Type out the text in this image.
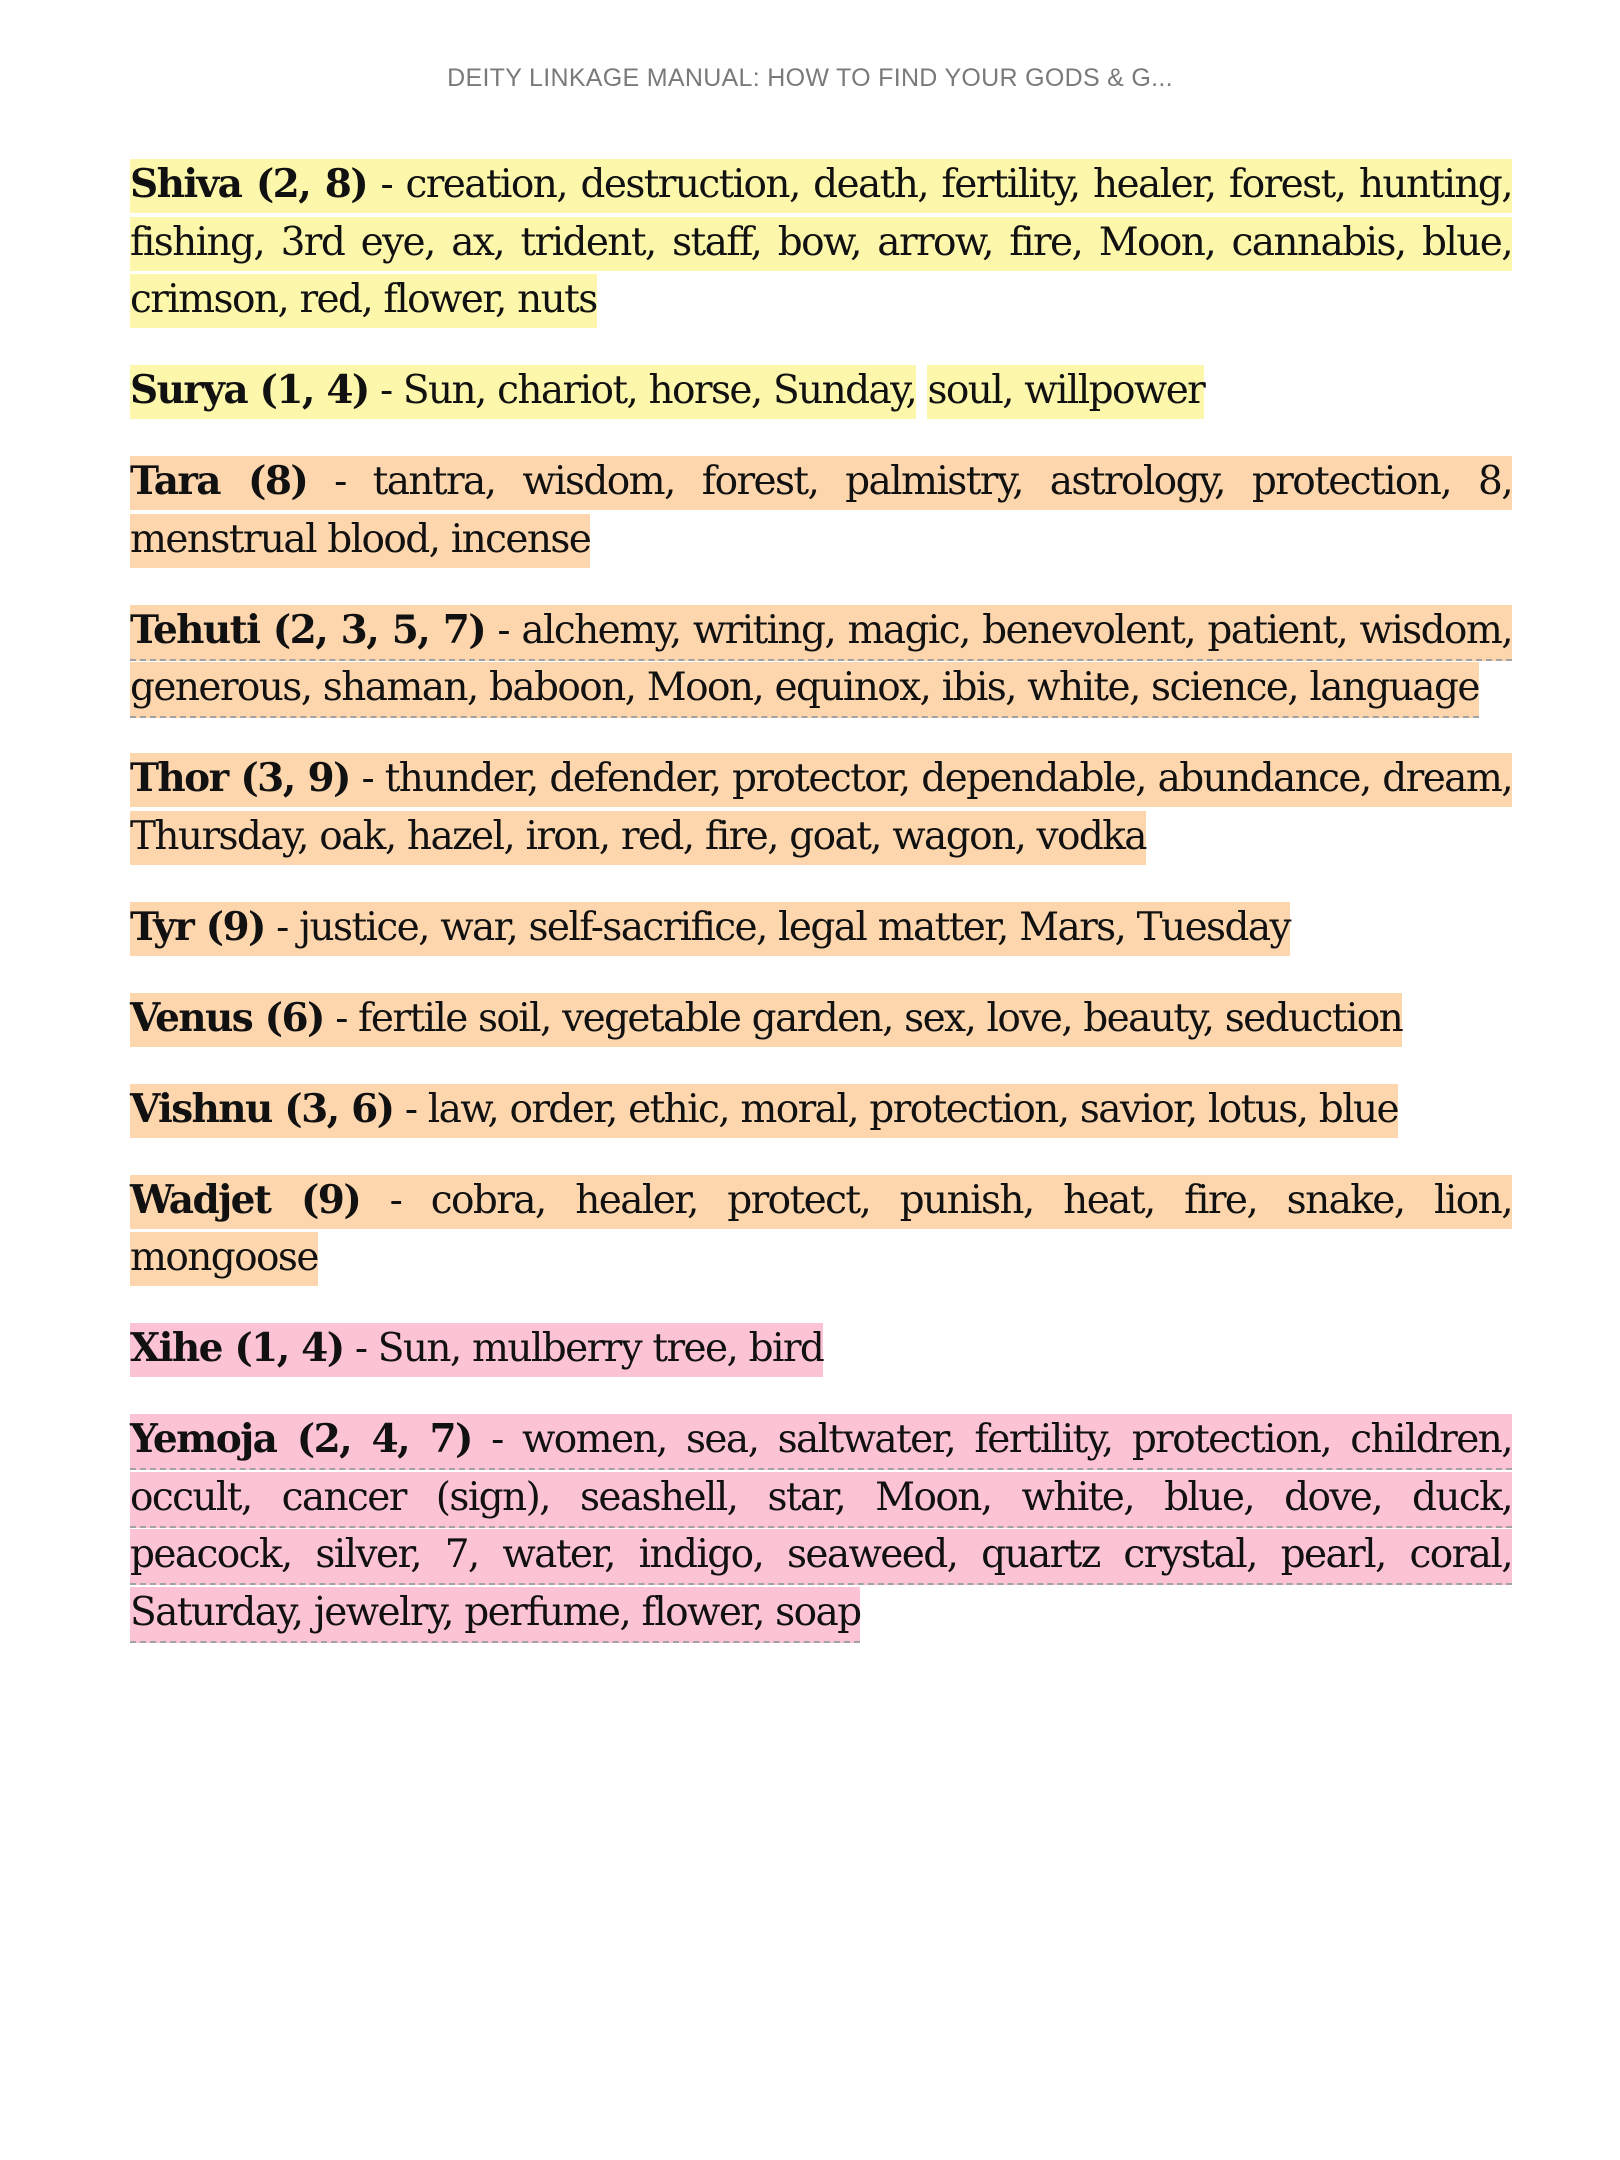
DEITY LINKAGE MANUAL: HOW TO FIND YOUR GODS & G...

Shiva (2, 8) - creation, destruction, death, fertility, healer, forest, hunting, fishing, 3rd eye, ax, trident, staff, bow, arrow, fire, Moon, cannabis, blue, crimson, red, flower, nuts

Surya (1, 4) - Sun, chariot, horse, Sunday, soul, willpower

Tara (8) - tantra, wisdom, forest, palmistry, astrology, protection, 8, menstrual blood, incense

Tehuti (2, 3, 5, 7) - alchemy, writing, magic, benevolent, patient, wisdom, generous, shaman, baboon, Moon, equinox, ibis, white, science, language

Thor (3, 9) - thunder, defender, protector, dependable, abundance, dream, Thursday, oak, hazel, iron, red, fire, goat, wagon, vodka

Tyr (9) - justice, war, self-sacrifice, legal matter, Mars, Tuesday

Venus (6) - fertile soil, vegetable garden, sex, love, beauty, seduction

Vishnu (3, 6) - law, order, ethic, moral, protection, savior, lotus, blue

Wadjet (9) - cobra, healer, protect, punish, heat, fire, snake, lion, mongoose

Xihe (1, 4) - Sun, mulberry tree, bird

Yemoja (2, 4, 7) - women, sea, saltwater, fertility, protection, children, occult, cancer (sign), seashell, star, Moon, white, blue, dove, duck, peacock, silver, 7, water, indigo, seaweed, quartz crystal, pearl, coral, Saturday, jewelry, perfume, flower, soap
